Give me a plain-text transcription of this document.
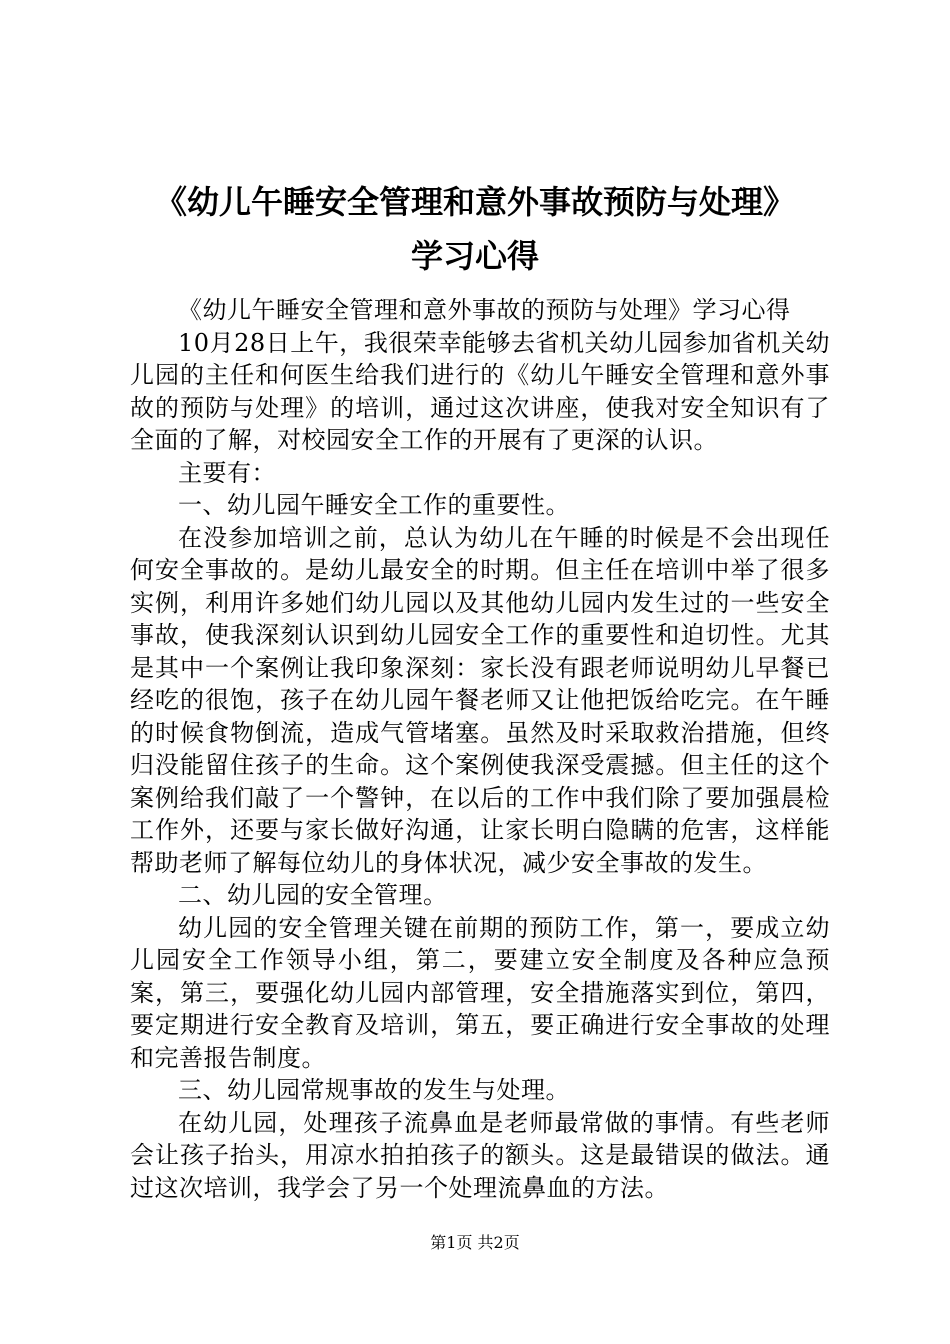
《幼儿午睡安全管理和意外事故预防与处理》
学习心得

《幼儿午睡安全管理和意外事故的预防与处理》学习心得

10月28日上午，我很荣幸能够去省机关幼儿园参加省机关幼儿园的主任和何医生给我们进行的《幼儿午睡安全管理和意外事故的预防与处理》的培训，通过这次讲座，使我对安全知识有了全面的了解，对校园安全工作的开展有了更深的认识。

主要有：

一、幼儿园午睡安全工作的重要性。

在没参加培训之前，总认为幼儿在午睡的时候是不会出现任何安全事故的。是幼儿最安全的时期。但主任在培训中举了很多实例，利用许多她们幼儿园以及其他幼儿园内发生过的一些安全事故，使我深刻认识到幼儿园安全工作的重要性和迫切性。尤其是其中一个案例让我印象深刻：家长没有跟老师说明幼儿早餐已经吃的很饱，孩子在幼儿园午餐老师又让他把饭给吃完。在午睡的时候食物倒流，造成气管堵塞。虽然及时采取救治措施，但终归没能留住孩子的生命。这个案例使我深受震撼。但主任的这个案例给我们敲了一个警钟，在以后的工作中我们除了要加强晨检工作外，还要与家长做好沟通，让家长明白隐瞒的危害，这样能帮助老师了解每位幼儿的身体状况，减少安全事故的发生。

二、幼儿园的安全管理。

幼儿园的安全管理关键在前期的预防工作，第一，要成立幼儿园安全工作领导小组，第二，要建立安全制度及各种应急预案，第三，要强化幼儿园内部管理，安全措施落实到位，第四，要定期进行安全教育及培训，第五，要正确进行安全事故的处理和完善报告制度。

三、幼儿园常规事故的发生与处理。

在幼儿园，处理孩子流鼻血是老师最常做的事情。有些老师会让孩子抬头，用凉水拍拍孩子的额头。这是最错误的做法。通过这次培训，我学会了另一个处理流鼻血的方法。

第1页 共2页
